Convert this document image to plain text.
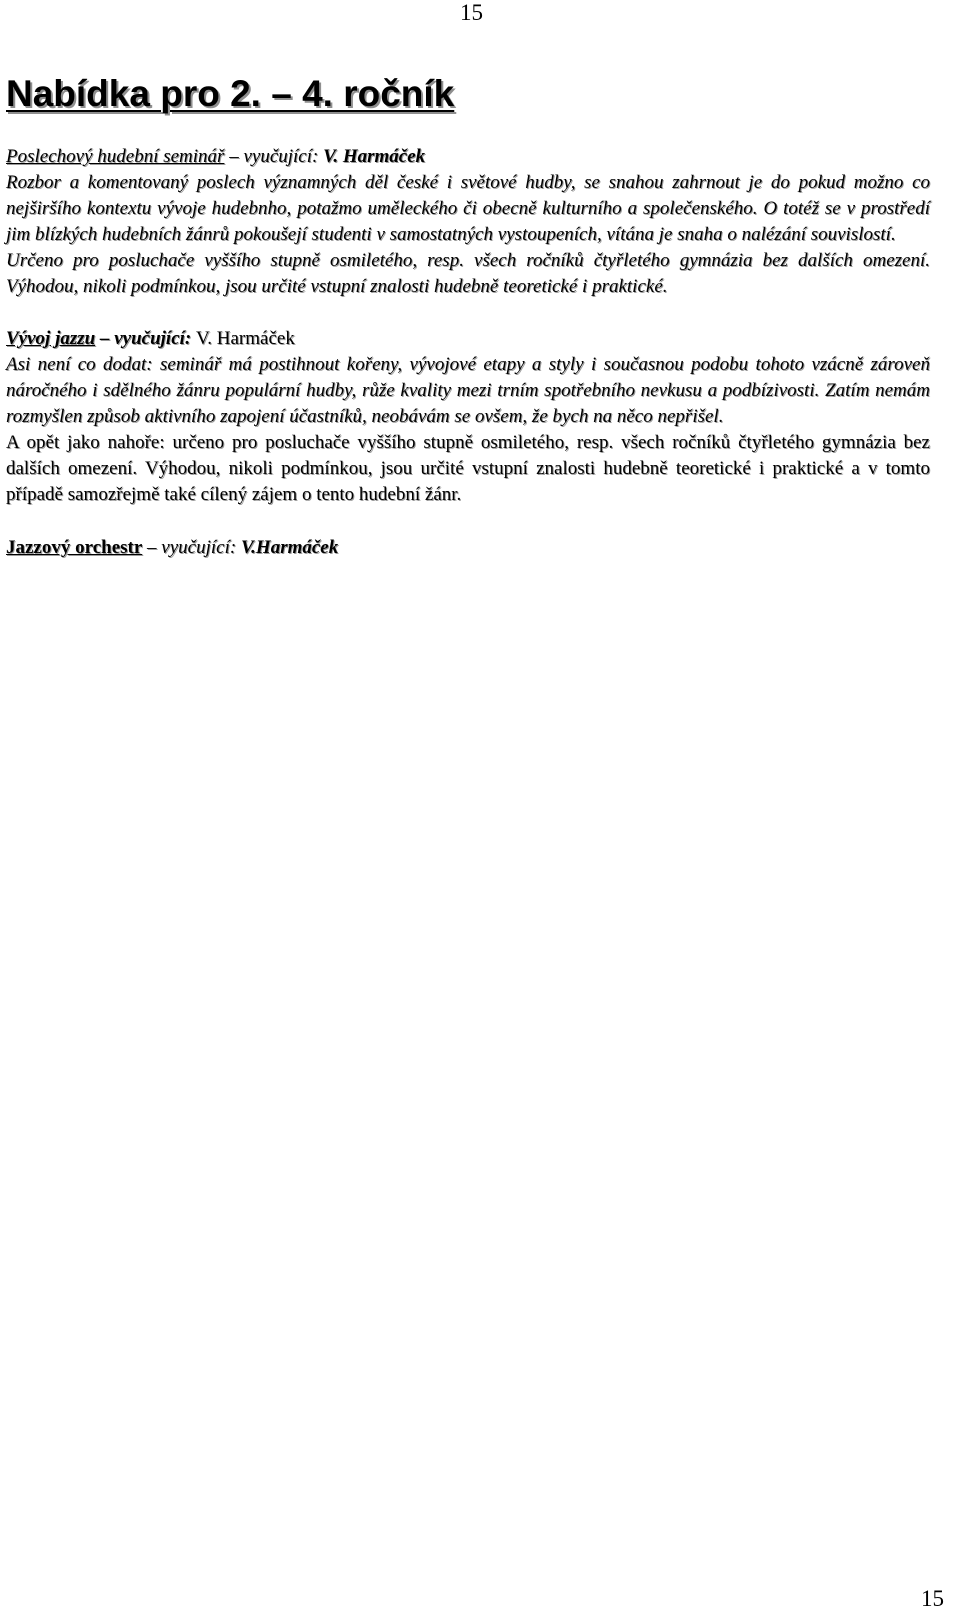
15
Nabídka pro 2. – 4. ročník

Poslechový hudební seminář – vyučující: V. Harmáček

Rozbor a komentovaný poslech významných děl české i světové hudby, se snahou zahrnout je do pokud možno co nejširšího kontextu vývoje hudebnho, potažmo uměleckého či obecně kulturního a společenského. O totéž se v prostředí jim blízkých hudebních žánrů pokoušejí studenti v samostatných vystoupeních, vítána je snaha o nalézání souvislostí.

Určeno pro posluchače vyššího stupně osmiletého, resp. všech ročníků čtyřletého gymnázia bez dalších omezení. Výhodou, nikoli podmínkou, jsou určité vstupní znalosti hudebně teoretické i praktické.

Vývoj jazzu – vyučující: V. Harmáček

Asi není co dodat: seminář má postihnout kořeny, vývojové etapy a styly i současnou podobu tohoto vzácně zároveň náročného i sdělného žánru populární hudby, růže kvality mezi trním spotřebního nevkusu a podbízivosti. Zatím nemám rozmyšlen způsob aktivního zapojení účastníků, neobávám se ovšem, že bych na něco nepřišel.

A opět jako nahoře: určeno pro posluchače vyššího stupně osmiletého, resp. všech ročníků čtyřletého gymnázia bez dalších omezení. Výhodou, nikoli podmínkou, jsou určité vstupní znalosti hudebně teoretické i praktické a v tomto případě samozřejmě také cílený zájem o tento hudební žánr.

Jazzový orchestr – vyučující: V.Harmáček

15
